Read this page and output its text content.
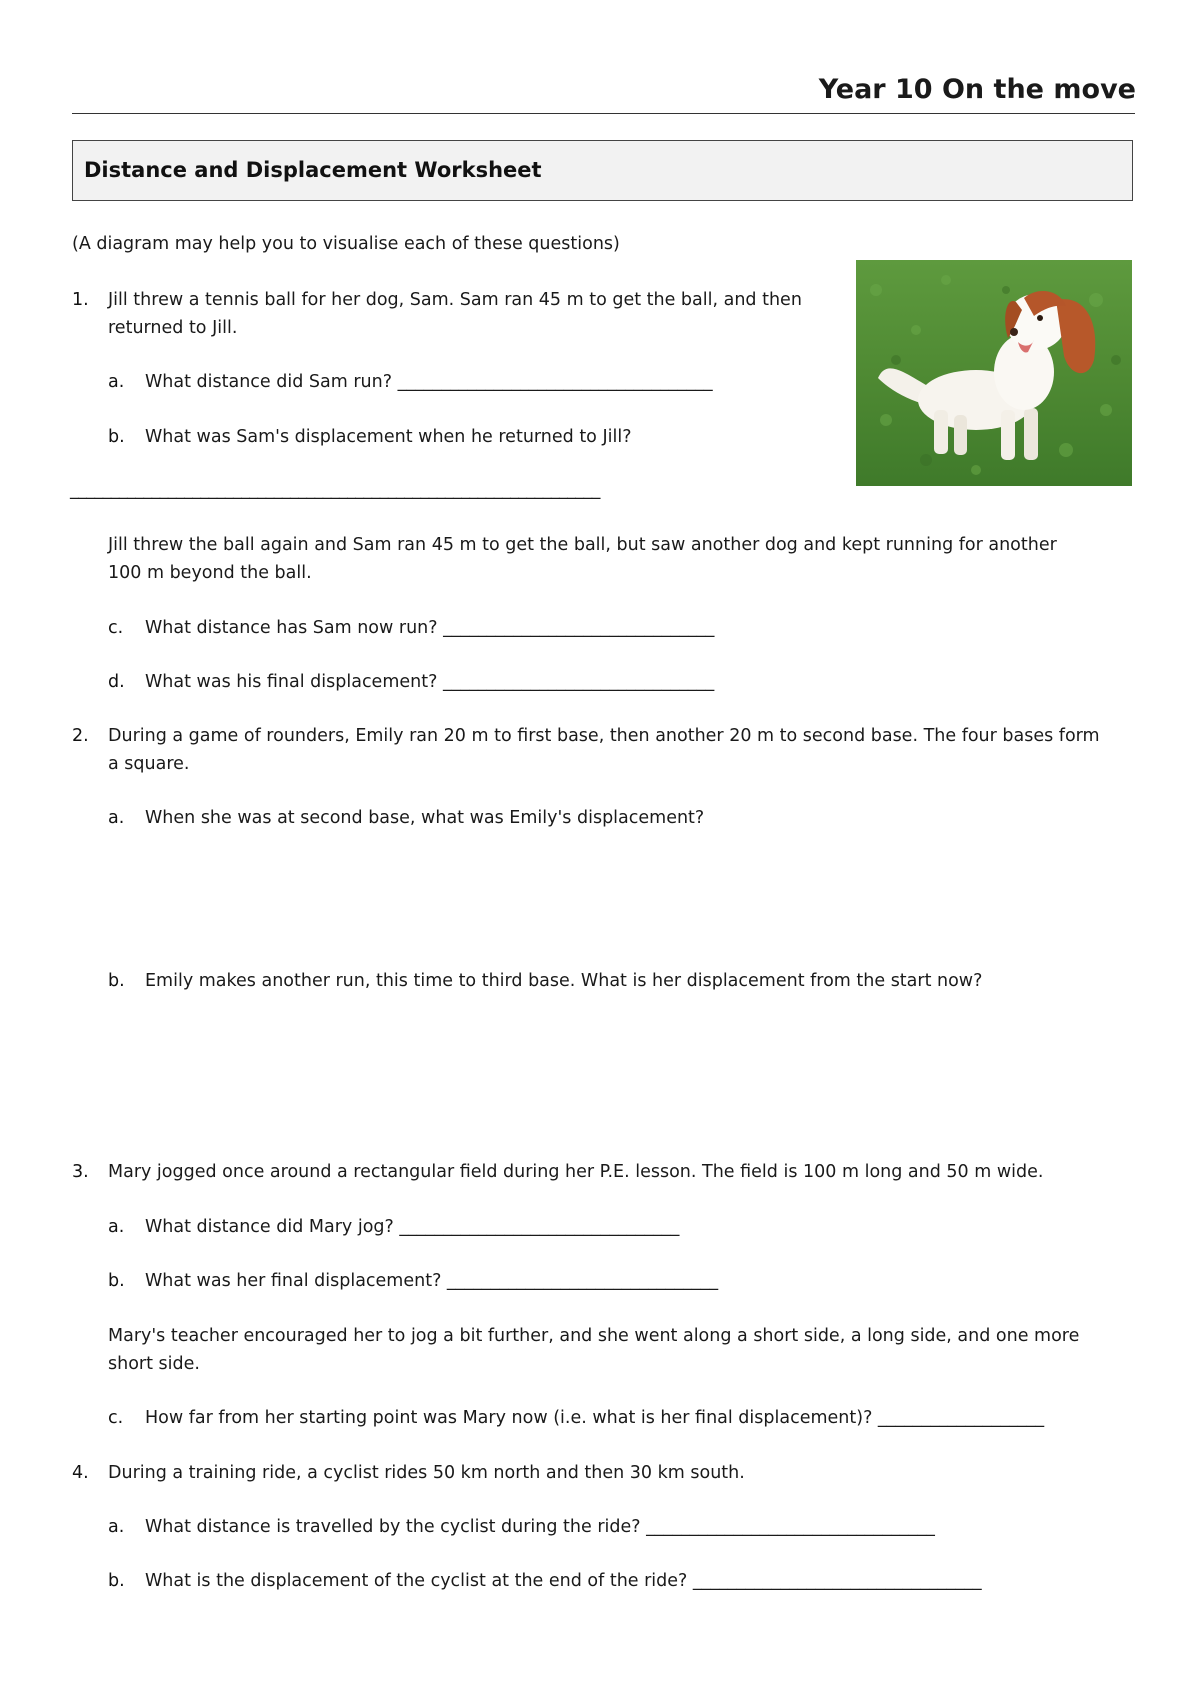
Year 10 On the move
Distance and Displacement Worksheet
(A diagram may help you to visualise each of these questions)
1. Jill threw a tennis ball for her dog, Sam. Sam ran 45 m to get the ball, and then
returned to Jill.
a. What distance did Sam run? ____________________________________
b. What was Sam's displacement when he returned to Jill?
_________________________________________________________________
Jill threw the ball again and Sam ran 45 m to get the ball, but saw another dog and kept running for another
100 m beyond the ball.
c. What distance has Sam now run? _______________________________
d. What was his final displacement? _______________________________
2. During a game of rounders, Emily ran 20 m to first base, then another 20 m to second base. The four bases form
a square.
a. When she was at second base, what was Emily's displacement?
b. Emily makes another run, this time to third base. What is her displacement from the start now?
3. Mary jogged once around a rectangular field during her P.E. lesson. The field is 100 m long and 50 m wide.
a. What distance did Mary jog? ________________________________
b. What was her final displacement? _______________________________
Mary's teacher encouraged her to jog a bit further, and she went along a short side, a long side, and one more
short side.
c. How far from her starting point was Mary now (i.e. what is her final displacement)? ___________________
4. During a training ride, a cyclist rides 50 km north and then 30 km south.
a. What distance is travelled by the cyclist during the ride? _________________________________
b. What is the displacement of the cyclist at the end of the ride? _________________________________
